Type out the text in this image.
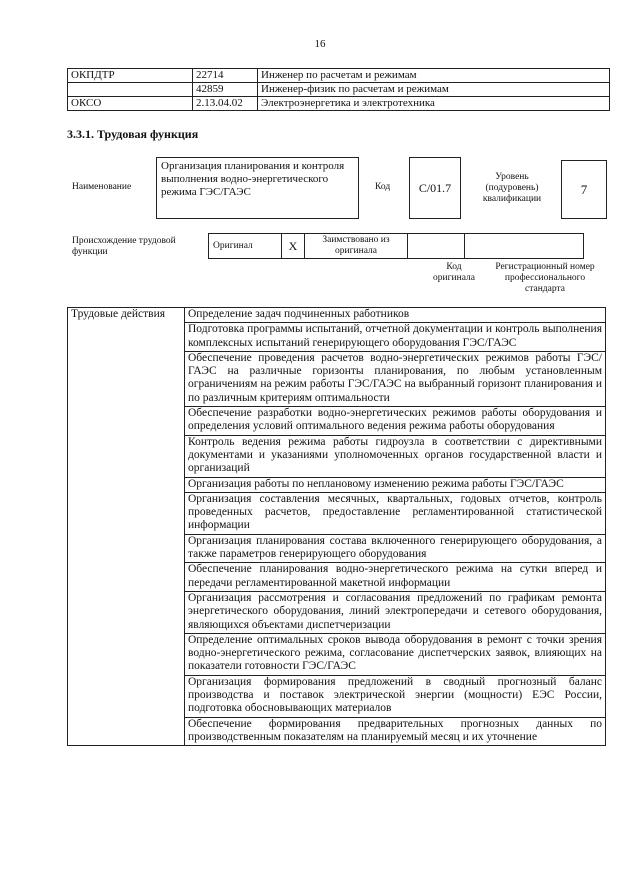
16
ОКПДТР	22714	Инженер по расчетам и режимам
	42859	Инженер-физик по расчетам и режимам
ОКСО	2.13.04.02	Электроэнергетика и электротехника
3.3.1. Трудовая функция
Наименование
Организация планирования и контроля выполнения водно-энергетического режима ГЭС/ГАЭС	Код	С/01.7
Уровень (подуровень) квалификации
7
Происхождение трудовой функции
Оригинал	X	Заимствовано из оригинала		
Код оригинала
Регистрационный номер профессионального стандарта
Трудовые действия	Определение задач подчиненных работников
Подготовка программы испытаний, отчетной документации и контроль выполнения комплексных испытаний генерирующего оборудования ГЭС/ГАЭС
Обеспечение проведения расчетов водно-энергетических режимов работы ГЭС/ГАЭС на различные горизонты планирования, по любым установленным ограничениям на режим работы ГЭС/ГАЭС на выбранный горизонт планирования и по различным критериям оптимальности
Обеспечение разработки водно-энергетических режимов работы оборудования и определения условий оптимального ведения режима работы оборудования
Контроль ведения режима работы гидроузла в соответствии с директивными документами и указаниями уполномоченных органов государственной власти и организаций
Организация работы по неплановому изменению режима работы ГЭС/ГАЭС
Организация составления месячных, квартальных, годовых отчетов, контроль проведенных расчетов, предоставление регламентированной статистической информации
Организация планирования состава включенного генерирующего оборудования, а также параметров генерирующего оборудования
Обеспечение планирования водно-энергетического режима на сутки вперед и передачи регламентированной макетной информации
Организация рассмотрения и согласования предложений по графикам ремонта энергетического оборудования, линий электропередачи и сетевого оборудования, являющихся объектами диспетчеризации
Определение оптимальных сроков вывода оборудования в ремонт с точки зрения водно-энергетического режима, согласование диспетчерских заявок, влияющих на показатели готовности ГЭС/ГАЭС
Организация формирования предложений в сводный прогнозный баланс производства и поставок электрической энергии (мощности) ЕЭС России, подготовка обосновывающих материалов
Обеспечение формирования предварительных прогнозных данных по производственным показателям на планируемый месяц и их уточнение
